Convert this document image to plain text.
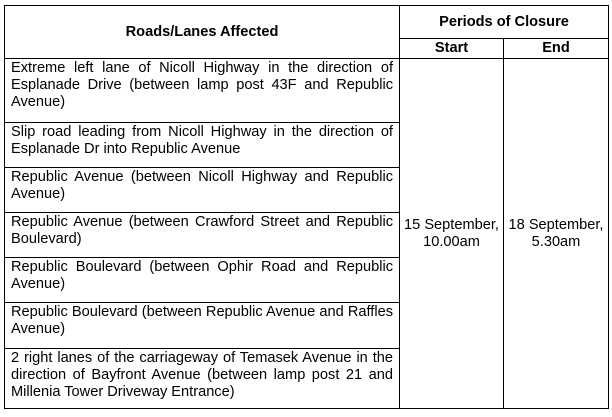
Roads/Lanes Affected	Periods of Closure	
	Start	End

Extreme left lane of Nicoll Highway in the direction of Esplanade Drive (between lamp post 43F and Republic Avenue)	15 September, 10.00am	18 September, 5.30am

Slip road leading from Nicoll Highway in the direction of Esplanade Dr into Republic Avenue		

Republic Avenue (between Nicoll Highway and Republic Avenue)		

Republic Avenue (between Crawford Street and Republic Boulevard)		

Republic Boulevard (between Ophir Road and Republic Avenue)		

Republic Boulevard (between Republic Avenue and Raffles Avenue)		

2 right lanes of the carriageway of Temasek Avenue in the direction of Bayfront Avenue (between lamp post 21 and Millenia Tower Driveway Entrance)		
